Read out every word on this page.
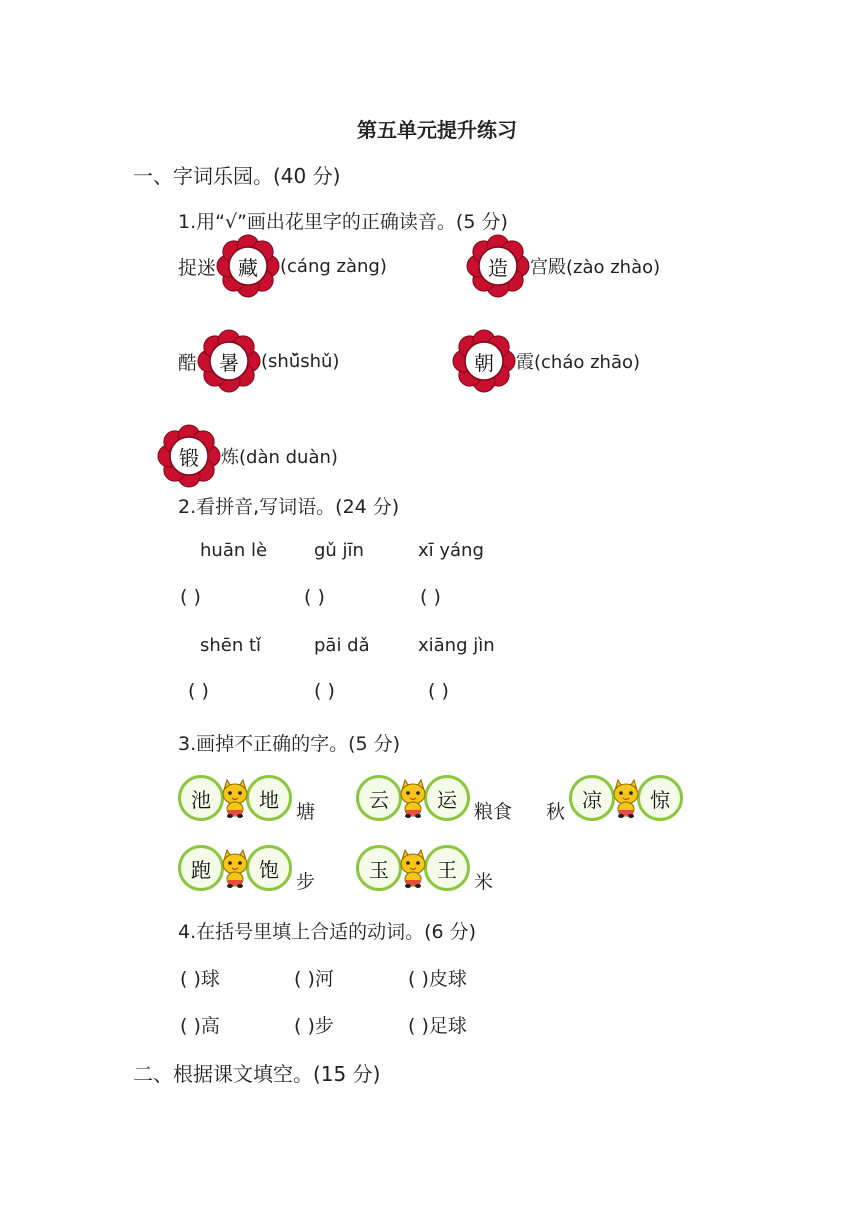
第五单元提升练习
一、字词乐园。(40 分)
1.用“√”画出花里字的正确读音。(5 分)
捉迷	藏	(cáng zàng)	造	宫殿(zào zhào)
酷	暑	(shǔ̆shǔ)	朝	霞(cháo zhāo)
锻	炼(dàn duàn)
2.看拼音,写词语。(24 分)
huān lè	gǔ jīn	xī yáng
( )	( )	( )
shēn tǐ	pāi dǎ	xiāng jìn
( )	( )	( )
3.画掉不正确的字。(5 分)
池	地 塘	云	运 粮食 秋 凉	惊
跑	饱 步	玉	王 米
4.在括号里填上合适的动词。(6 分)
( )球	( )河	( )皮球
( )高	( )步	( )足球
二、根据课文填空。(15 分)
